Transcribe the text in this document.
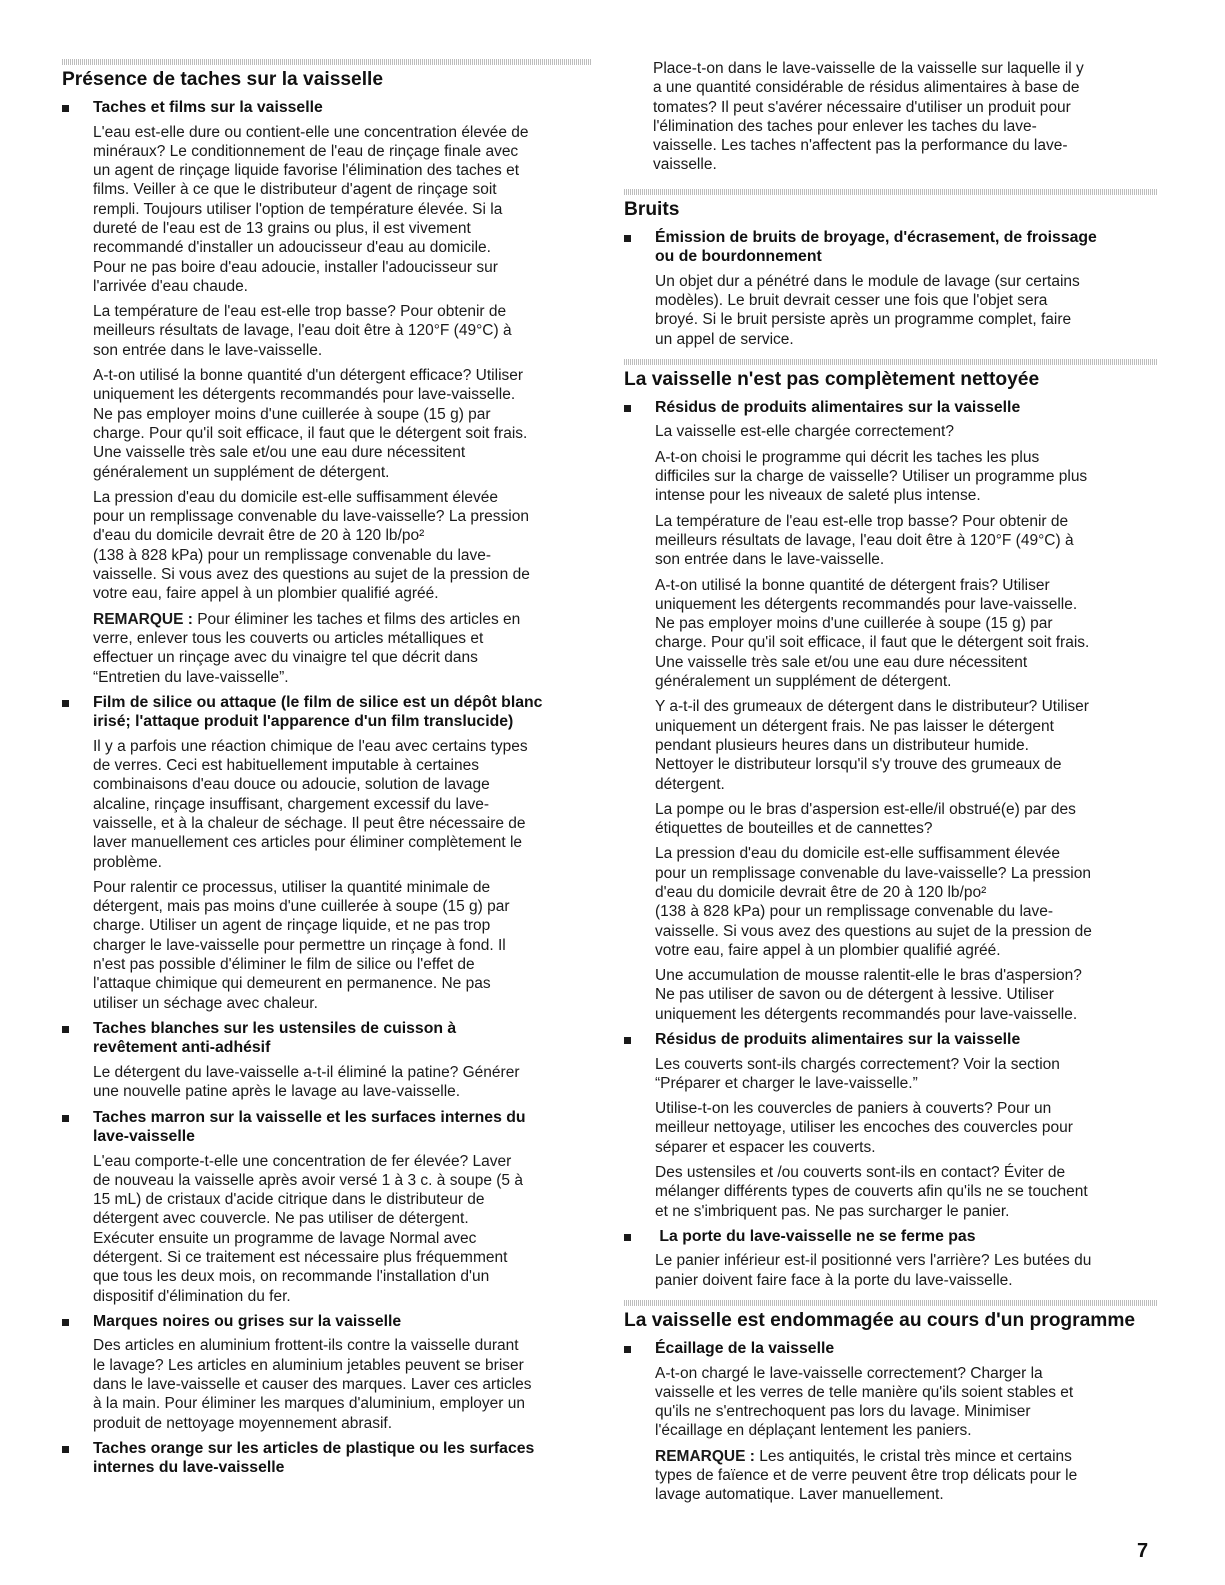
Présence de taches sur la vaisselle
Taches et films sur la vaisselle
L'eau est-elle dure ou contient-elle une concentration élevée de
minéraux? Le conditionnement de l'eau de rinçage finale avec
un agent de rinçage liquide favorise l'élimination des taches et
films. Veiller à ce que le distributeur d'agent de rinçage soit
rempli. Toujours utiliser l'option de température élevée. Si la
dureté de l'eau est de 13 grains ou plus, il est vivement
recommandé d'installer un adoucisseur d'eau au domicile.
Pour ne pas boire d'eau adoucie, installer l'adoucisseur sur
l'arrivée d'eau chaude.
La température de l'eau est-elle trop basse? Pour obtenir de
meilleurs résultats de lavage, l'eau doit être à 120°F (49°C) à
son entrée dans le lave-vaisselle.
A-t-on utilisé la bonne quantité d'un détergent efficace? Utiliser
uniquement les détergents recommandés pour lave-vaisselle.
Ne pas employer moins d'une cuillerée à soupe (15 g) par
charge. Pour qu'il soit efficace, il faut que le détergent soit frais.
Une vaisselle très sale et/ou une eau dure nécessitent
généralement un supplément de détergent.
La pression d'eau du domicile est-elle suffisamment élevée
pour un remplissage convenable du lave-vaisselle? La pression
d'eau du domicile devrait être de 20 à 120 lb/po²
(138 à 828 kPa) pour un remplissage convenable du lave-
vaisselle. Si vous avez des questions au sujet de la pression de
votre eau, faire appel à un plombier qualifié agréé.
REMARQUE : Pour éliminer les taches et films des articles en
verre, enlever tous les couverts ou articles métalliques et
effectuer un rinçage avec du vinaigre tel que décrit dans
“Entretien du lave-vaisselle”.
Film de silice ou attaque (le film de silice est un dépôt blanc
irisé; l'attaque produit l'apparence d'un film translucide)
Il y a parfois une réaction chimique de l'eau avec certains types
de verres. Ceci est habituellement imputable à certaines
combinaisons d'eau douce ou adoucie, solution de lavage
alcaline, rinçage insuffisant, chargement excessif du lave-
vaisselle, et à la chaleur de séchage. Il peut être nécessaire de
laver manuellement ces articles pour éliminer complètement le
problème.
Pour ralentir ce processus, utiliser la quantité minimale de
détergent, mais pas moins d'une cuillerée à soupe (15 g) par
charge. Utiliser un agent de rinçage liquide, et ne pas trop
charger le lave-vaisselle pour permettre un rinçage à fond. Il
n'est pas possible d'éliminer le film de silice ou l'effet de
l'attaque chimique qui demeurent en permanence. Ne pas
utiliser un séchage avec chaleur.
Taches blanches sur les ustensiles de cuisson à
revêtement anti-adhésif
Le détergent du lave-vaisselle a-t-il éliminé la patine? Générer
une nouvelle patine après le lavage au lave-vaisselle.
Taches marron sur la vaisselle et les surfaces internes du
lave-vaisselle
L'eau comporte-t-elle une concentration de fer élevée? Laver
de nouveau la vaisselle après avoir versé 1 à 3 c. à soupe (5 à
15 mL) de cristaux d'acide citrique dans le distributeur de
détergent avec couvercle. Ne pas utiliser de détergent.
Exécuter ensuite un programme de lavage Normal avec
détergent. Si ce traitement est nécessaire plus fréquemment
que tous les deux mois, on recommande l'installation d'un
dispositif d'élimination du fer.
Marques noires ou grises sur la vaisselle
Des articles en aluminium frottent-ils contre la vaisselle durant
le lavage? Les articles en aluminium jetables peuvent se briser
dans le lave-vaisselle et causer des marques. Laver ces articles
à la main. Pour éliminer les marques d'aluminium, employer un
produit de nettoyage moyennement abrasif.
Taches orange sur les articles de plastique ou les surfaces
internes du lave-vaisselle
Place-t-on dans le lave-vaisselle de la vaisselle sur laquelle il y
a une quantité considérable de résidus alimentaires à base de
tomates? Il peut s'avérer nécessaire d'utiliser un produit pour
l'élimination des taches pour enlever les taches du lave-
vaisselle. Les taches n'affectent pas la performance du lave-
vaisselle.
Bruits
Émission de bruits de broyage, d'écrasement, de froissage
ou de bourdonnement
Un objet dur a pénétré dans le module de lavage (sur certains
modèles). Le bruit devrait cesser une fois que l'objet sera
broyé. Si le bruit persiste après un programme complet, faire
un appel de service.
La vaisselle n'est pas complètement nettoyée
Résidus de produits alimentaires sur la vaisselle
La vaisselle est-elle chargée correctement?
A-t-on choisi le programme qui décrit les taches les plus
difficiles sur la charge de vaisselle? Utiliser un programme plus
intense pour les niveaux de saleté plus intense.
La température de l'eau est-elle trop basse? Pour obtenir de
meilleurs résultats de lavage, l'eau doit être à 120°F (49°C) à
son entrée dans le lave-vaisselle.
A-t-on utilisé la bonne quantité de détergent frais? Utiliser
uniquement les détergents recommandés pour lave-vaisselle.
Ne pas employer moins d'une cuillerée à soupe (15 g) par
charge. Pour qu'il soit efficace, il faut que le détergent soit frais.
Une vaisselle très sale et/ou une eau dure nécessitent
généralement un supplément de détergent.
Y a-t-il des grumeaux de détergent dans le distributeur? Utiliser
uniquement un détergent frais. Ne pas laisser le détergent
pendant plusieurs heures dans un distributeur humide.
Nettoyer le distributeur lorsqu'il s'y trouve des grumeaux de
détergent.
La pompe ou le bras d'aspersion est-elle/il obstrué(e) par des
étiquettes de bouteilles et de cannettes?
La pression d'eau du domicile est-elle suffisamment élevée
pour un remplissage convenable du lave-vaisselle? La pression
d'eau du domicile devrait être de 20 à 120 lb/po²
(138 à 828 kPa) pour un remplissage convenable du lave-
vaisselle. Si vous avez des questions au sujet de la pression de
votre eau, faire appel à un plombier qualifié agréé.
Une accumulation de mousse ralentit-elle le bras d'aspersion?
Ne pas utiliser de savon ou de détergent à lessive. Utiliser
uniquement les détergents recommandés pour lave-vaisselle.
Résidus de produits alimentaires sur la vaisselle
Les couverts sont-ils chargés correctement? Voir la section
“Préparer et charger le lave-vaisselle.”
Utilise-t-on les couvercles de paniers à couverts? Pour un
meilleur nettoyage, utiliser les encoches des couvercles pour
séparer et espacer les couverts.
Des ustensiles et /ou couverts sont-ils en contact? Éviter de
mélanger différents types de couverts afin qu'ils ne se touchent
et ne s'imbriquent pas. Ne pas surcharger le panier.
La porte du lave-vaisselle ne se ferme pas
Le panier inférieur est-il positionné vers l'arrière? Les butées du
panier doivent faire face à la porte du lave-vaisselle.
La vaisselle est endommagée au cours d'un programme
Écaillage de la vaisselle
A-t-on chargé le lave-vaisselle correctement? Charger la
vaisselle et les verres de telle manière qu'ils soient stables et
qu'ils ne s'entrechoquent pas lors du lavage. Minimiser
l'écaillage en déplaçant lentement les paniers.
REMARQUE : Les antiquités, le cristal très mince et certains
types de faïence et de verre peuvent être trop délicats pour le
lavage automatique. Laver manuellement.
7
